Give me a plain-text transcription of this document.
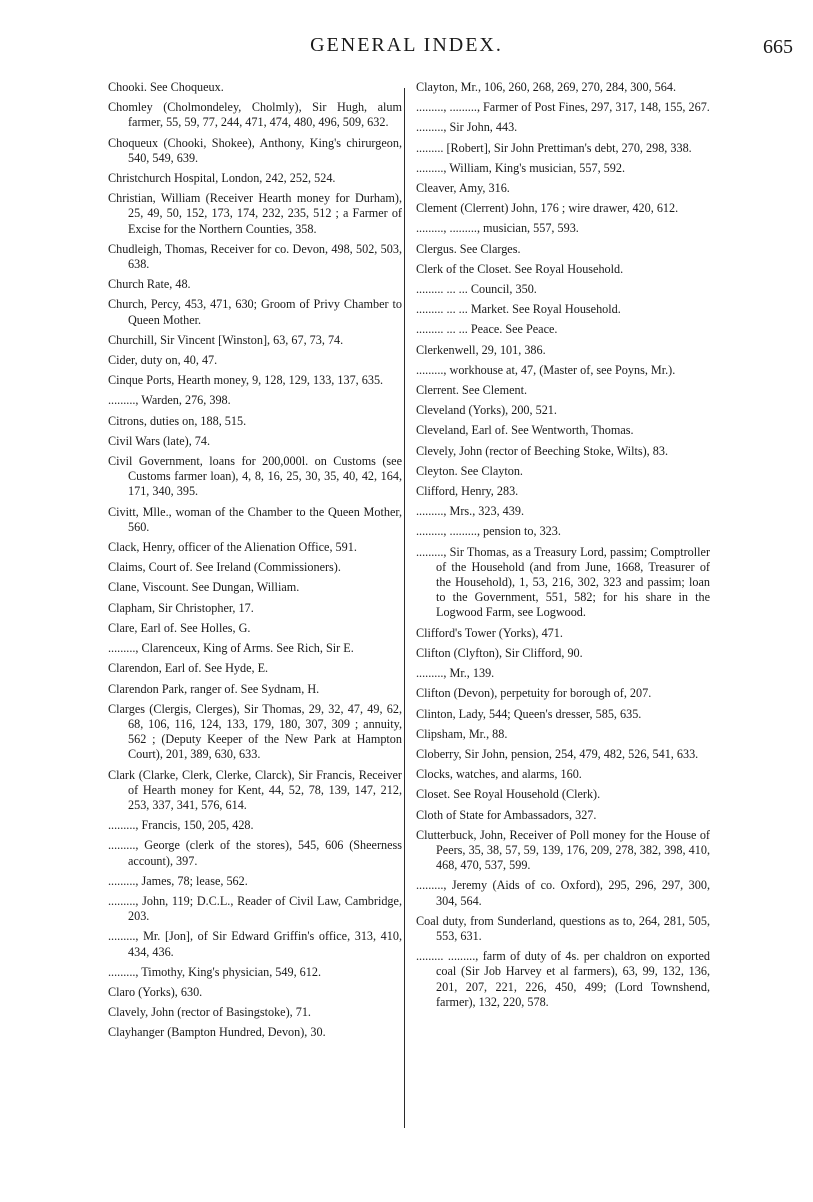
GENERAL INDEX.	665

Chooki. See Choqueux.

Chomley (Cholmondeley, Cholmly), Sir Hugh, alum farmer, 55, 59, 77, 244, 471, 474, 480, 496, 509, 632.

Choqueux (Chooki, Shokee), Anthony, King's chirurgeon, 540, 549, 639.

Christchurch Hospital, London, 242, 252, 524.

Christian, William (Receiver Hearth money for Durham), 25, 49, 50, 152, 173, 174, 232, 235, 512 ; a Farmer of Excise for the Northern Counties, 358.

Chudleigh, Thomas, Receiver for co. Devon, 498, 502, 503, 638.

Church Rate, 48.

Church, Percy, 453, 471, 630; Groom of Privy Chamber to Queen Mother.

Churchill, Sir Vincent [Winston], 63, 67, 73, 74.

Cider, duty on, 40, 47.

Cinque Ports, Hearth money, 9, 128, 129, 133, 137, 635.

........., Warden, 276, 398.

Citrons, duties on, 188, 515.

Civil Wars (late), 74.

Civil Government, loans for 200,000l. on Customs (see Customs farmer loan), 4, 8, 16, 25, 30, 35, 40, 42, 164, 171, 340, 395.

Civitt, Mlle., woman of the Chamber to the Queen Mother, 560.

Clack, Henry, officer of the Alienation Office, 591.

Claims, Court of. See Ireland (Commissioners).

Clane, Viscount. See Dungan, William.

Clapham, Sir Christopher, 17.

Clare, Earl of. See Holles, G.

........., Clarenceux, King of Arms. See Rich, Sir E.

Clarendon, Earl of. See Hyde, E.

Clarendon Park, ranger of. See Sydnam, H.

Clarges (Clergis, Clerges), Sir Thomas, 29, 32, 47, 49, 62, 68, 106, 116, 124, 133, 179, 180, 307, 309 ; annuity, 562 ; (Deputy Keeper of the New Park at Hampton Court), 201, 389, 630, 633.

Clark (Clarke, Clerk, Clerke, Clarck), Sir Francis, Receiver of Hearth money for Kent, 44, 52, 78, 139, 147, 212, 253, 337, 341, 576, 614.

........., Francis, 150, 205, 428.

........., George (clerk of the stores), 545, 606 (Sheerness account), 397.

........., James, 78; lease, 562.

........., John, 119; D.C.L., Reader of Civil Law, Cambridge, 203.

........., Mr. [Jon], of Sir Edward Griffin's office, 313, 410, 434, 436.

........., Timothy, King's physician, 549, 612.

Claro (Yorks), 630.

Clavely, John (rector of Basingstoke), 71.

Clayhanger (Bampton Hundred, Devon), 30.

Clayton, Mr., 106, 260, 268, 269, 270, 284, 300, 564.

........., ........., Farmer of Post Fines, 297, 317, 148, 155, 267.

........., Sir John, 443.

......... [Robert], Sir John Prettiman's debt, 270, 298, 338.

........., William, King's musician, 557, 592.

Cleaver, Amy, 316.

Clement (Clerrent) John, 176 ; wire drawer, 420, 612.

........., ........., musician, 557, 593.

Clergus. See Clarges.

Clerk of the Closet. See Royal Household.

......... ... ... Council, 350.

......... ... ... Market. See Royal Household.

......... ... ... Peace. See Peace.

Clerkenwell, 29, 101, 386.

........., workhouse at, 47, (Master of, see Poyns, Mr.).

Clerrent. See Clement.

Cleveland (Yorks), 200, 521.

Cleveland, Earl of. See Wentworth, Thomas.

Clevely, John (rector of Beeching Stoke, Wilts), 83.

Cleyton. See Clayton.

Clifford, Henry, 283.

........., Mrs., 323, 439.

........., ........., pension to, 323.

........., Sir Thomas, as a Treasury Lord, passim; Comptroller of the Household (and from June, 1668, Treasurer of the Household), 1, 53, 216, 302, 323 and passim; loan to the Government, 551, 582; for his share in the Logwood Farm, see Logwood.

Clifford's Tower (Yorks), 471.

Clifton (Clyfton), Sir Clifford, 90.

........., Mr., 139.

Clifton (Devon), perpetuity for borough of, 207.

Clinton, Lady, 544; Queen's dresser, 585, 635.

Clipsham, Mr., 88.

Cloberry, Sir John, pension, 254, 479, 482, 526, 541, 633.

Clocks, watches, and alarms, 160.

Closet. See Royal Household (Clerk).

Cloth of State for Ambassadors, 327.

Clutterbuck, John, Receiver of Poll money for the House of Peers, 35, 38, 57, 59, 139, 176, 209, 278, 382, 398, 410, 468, 470, 537, 599.

........., Jeremy (Aids of co. Oxford), 295, 296, 297, 300, 304, 564.

Coal duty, from Sunderland, questions as to, 264, 281, 505, 553, 631.

......... ........., farm of duty of 4s. per chaldron on exported coal (Sir Job Harvey et al farmers), 63, 99, 132, 136, 201, 207, 221, 226, 450, 499; (Lord Townshend, farmer), 132, 220, 578.
